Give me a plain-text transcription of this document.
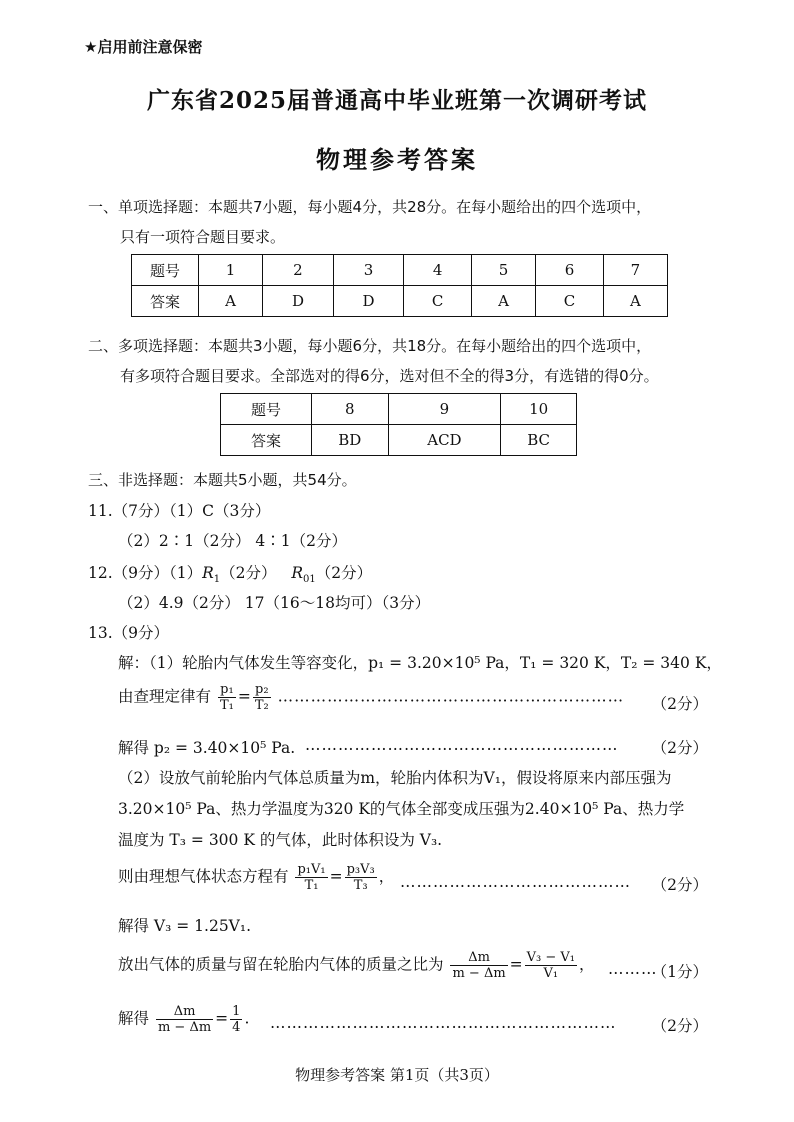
★启用前注意保密
广东省2025届普通高中毕业班第一次调研考试
物理参考答案
一、单项选择题：本题共7小题，每小题4分，共28分。在每小题给出的四个选项中，
只有一项符合题目要求。
题号	1	2	3	4	5	6	7
答案	A	D	D	C	A	C	A
二、多项选择题：本题共3小题，每小题6分，共18分。在每小题给出的四个选项中，
有多项符合题目要求。全部选对的得6分，选对但不全的得3分，有选错的得0分。
题号	8	9	10
答案	BD	ACD	BC
三、非选择题：本题共5小题，共54分。
11.（7分）（1）C（3分）
（2）2∶1（2分） 4∶1（2分）
12.（9分）$(1)R_1(2$分） $R_{01}(2$分）
（2）4.9（2分） 17（16～18均可）（3分）
13.（9分）
解：（1）轮胎内气体发生等容变化，p₁ = 3.20×10⁵ Pa，T₁ = 320 K，T₂ = 340 K，
由查理定律有 $\frac{\text{p₁}}{\text{T₁}} = \frac{\text{p₂}}{\text{T₂}}$ ………………………………………………………	（2分）
解得 p₂ = 3.40×10⁵ Pa. ………………………………………………… （2分）
（2）设放气前轮胎内气体总质量为m，轮胎内体积为V₁，假设将原来内部压强为
3.20×10⁵ Pa、热力学温度为320 K的气体全部变成压强为2.40×10⁵ Pa、热力学
温度为 T₃ = 300 K 的气体，此时体积设为 V₃.
则由理想气体状态方程有 $\frac{\text{p₁V₁}}{\text{T₁}} = \frac{\text{p₃V₃}}{\text{T₃}}$ ， …………………………………… （2分）
解得 V₃ = 1.25V₁.
放出气体的质量与留在轮胎内气体的质量之比为 $\frac{\Delta m}{m - \Delta m} = \frac{\text{V₃ − V₁}}{\text{V₁}}$ ， ………
（1分）
解得 $\frac{\Delta m}{m - \Delta m} = \frac{1}{4}$ . ……………………………………………………… （2分）
物理参考答案 第1页（共3页）
